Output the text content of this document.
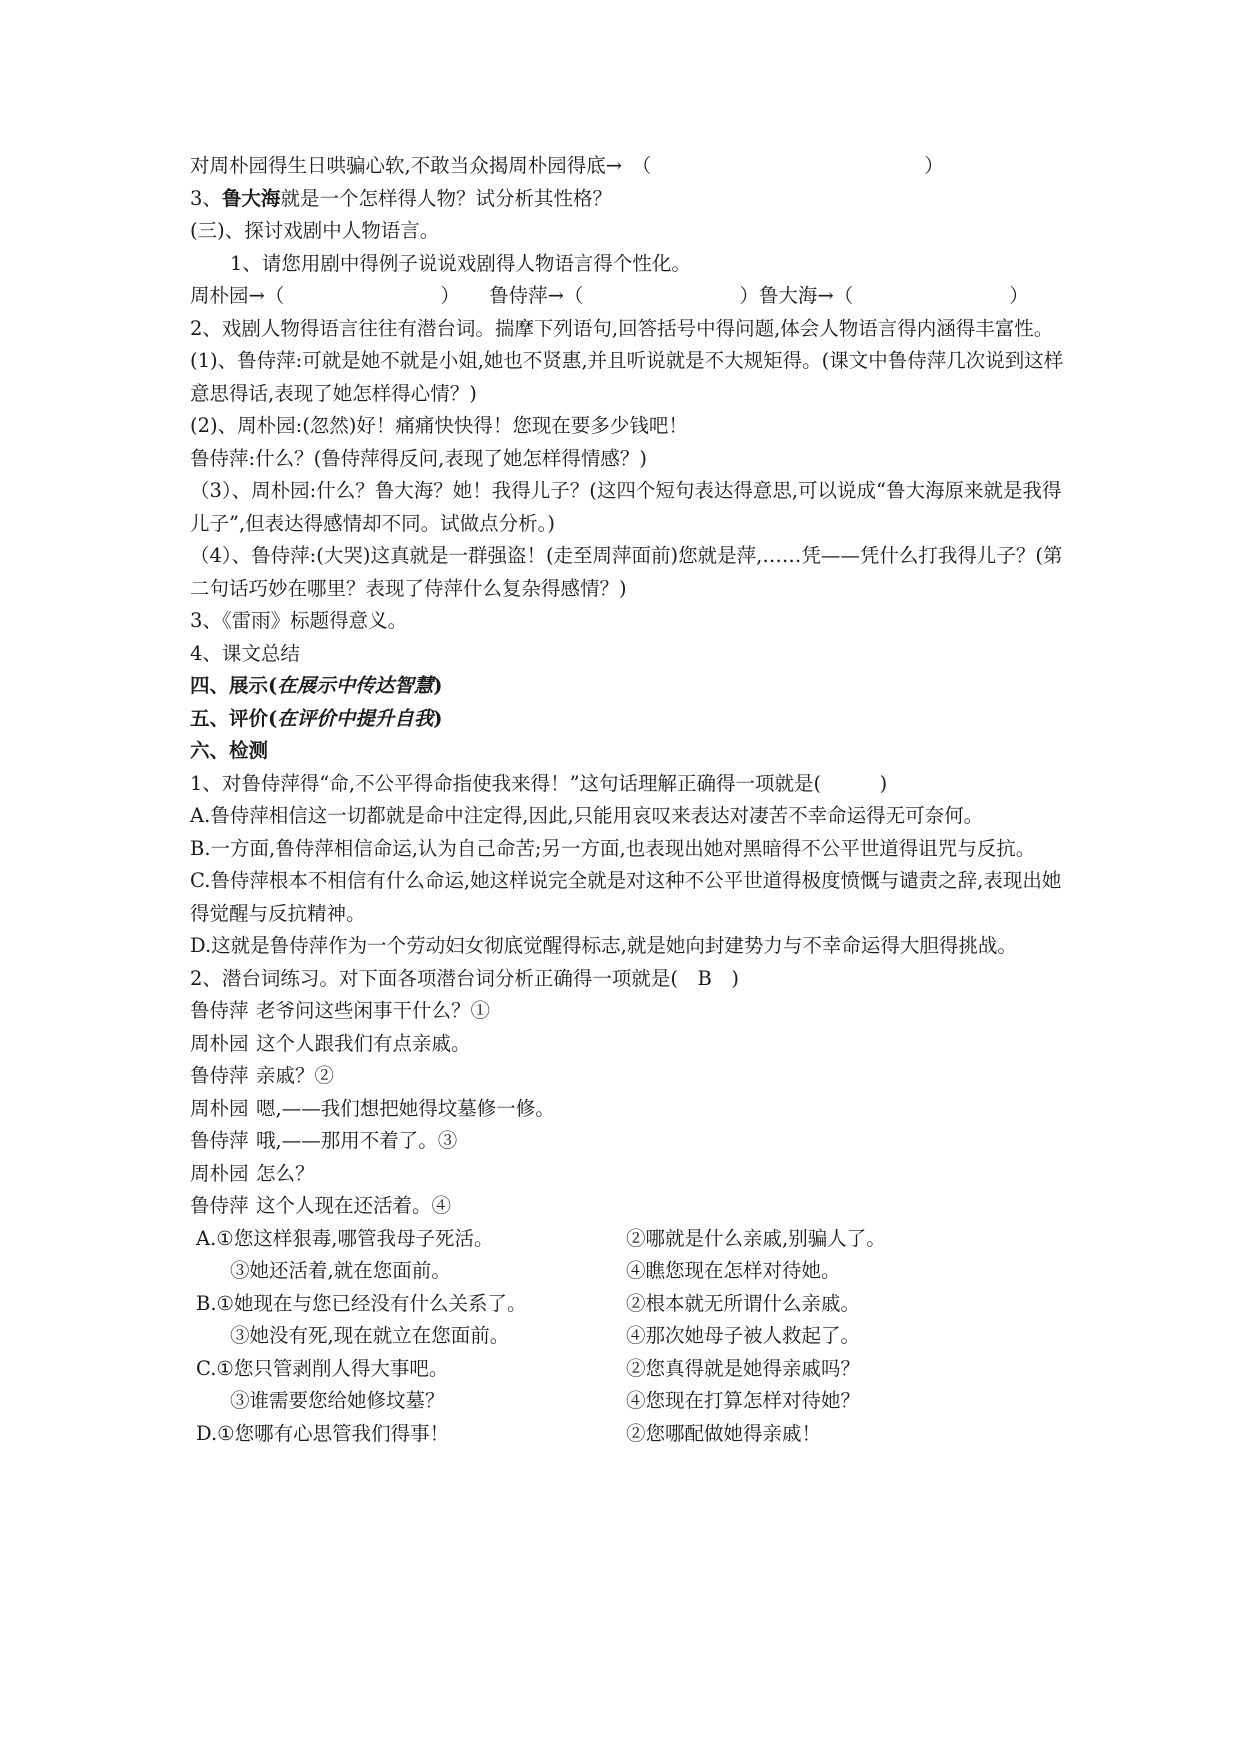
对周朴园得生日哄骗心软,不敢当众揭周朴园得底→　（　　　　　　　　　　　　　　）

3、鲁大海就是一个怎样得人物？试分析其性格？

(三)、探讨戏剧中人物语言。

1、请您用剧中得例子说说戏剧得人物语言得个性化。

周朴园→（　　　　　　　　）　　鲁侍萍→（　　　　　　　　）鲁大海→（　　　　　　　　）

2、戏剧人物得语言往往有潜台词。揣摩下列语句,回答括号中得问题,体会人物语言得内涵得丰富性。

(1)、鲁侍萍:可就是她不就是小姐,她也不贤惠,并且听说就是不大规矩得。(课文中鲁侍萍几次说到这样意思得话,表现了她怎样得心情？)

(2)、周朴园:(忽然)好！痛痛快快得！您现在要多少钱吧！

鲁侍萍:什么？(鲁侍萍得反问,表现了她怎样得情感？)

（3）、周朴园:什么？鲁大海？她！我得儿子？(这四个短句表达得意思,可以说成“鲁大海原来就是我得儿子”,但表达得感情却不同。试做点分析。)

（4）、鲁侍萍:(大哭)这真就是一群强盗！(走至周萍面前)您就是萍,……凭——凭什么打我得儿子？(第二句话巧妙在哪里？表现了侍萍什么复杂得感情？)

3、《雷雨》标题得意义。

4、课文总结

四、展示(在展示中传达智慧)

五、评价(在评价中提升自我)

六、检测

1、对鲁侍萍得“命,不公平得命指使我来得！”这句话理解正确得一项就是(　　　)

A.鲁侍萍相信这一切都就是命中注定得,因此,只能用哀叹来表达对凄苦不幸命运得无可奈何。

B.一方面,鲁侍萍相信命运,认为自己命苦;另一方面,也表现出她对黑暗得不公平世道得诅咒与反抗。

C.鲁侍萍根本不相信有什么命运,她这样说完全就是对这种不公平世道得极度愤慨与谴责之辞,表现出她得觉醒与反抗精神。

D.这就是鲁侍萍作为一个劳动妇女彻底觉醒得标志,就是她向封建势力与不幸命运得大胆得挑战。

2、潜台词练习。对下面各项潜台词分析正确得一项就是(　B　)

鲁侍萍 老爷问这些闲事干什么？①
周朴园 这个人跟我们有点亲戚。
鲁侍萍 亲戚？②
周朴园 嗯,——我们想把她得坟墓修一修。
鲁侍萍 哦,——那用不着了。③
周朴园 怎么？
鲁侍萍 这个人现在还活着。④
A.①您这样狠毒,哪管我母子死活。	②哪就是什么亲戚,别骗人了。
③她还活着,就在您面前。	④瞧您现在怎样对待她。
B.①她现在与您已经没有什么关系了。	②根本就无所谓什么亲戚。
③她没有死,现在就立在您面前。	④那次她母子被人救起了。
C.①您只管剥削人得大事吧。	②您真得就是她得亲戚吗？
③谁需要您给她修坟墓？	④您现在打算怎样对待她？
D.①您哪有心思管我们得事！	②您哪配做她得亲戚！
